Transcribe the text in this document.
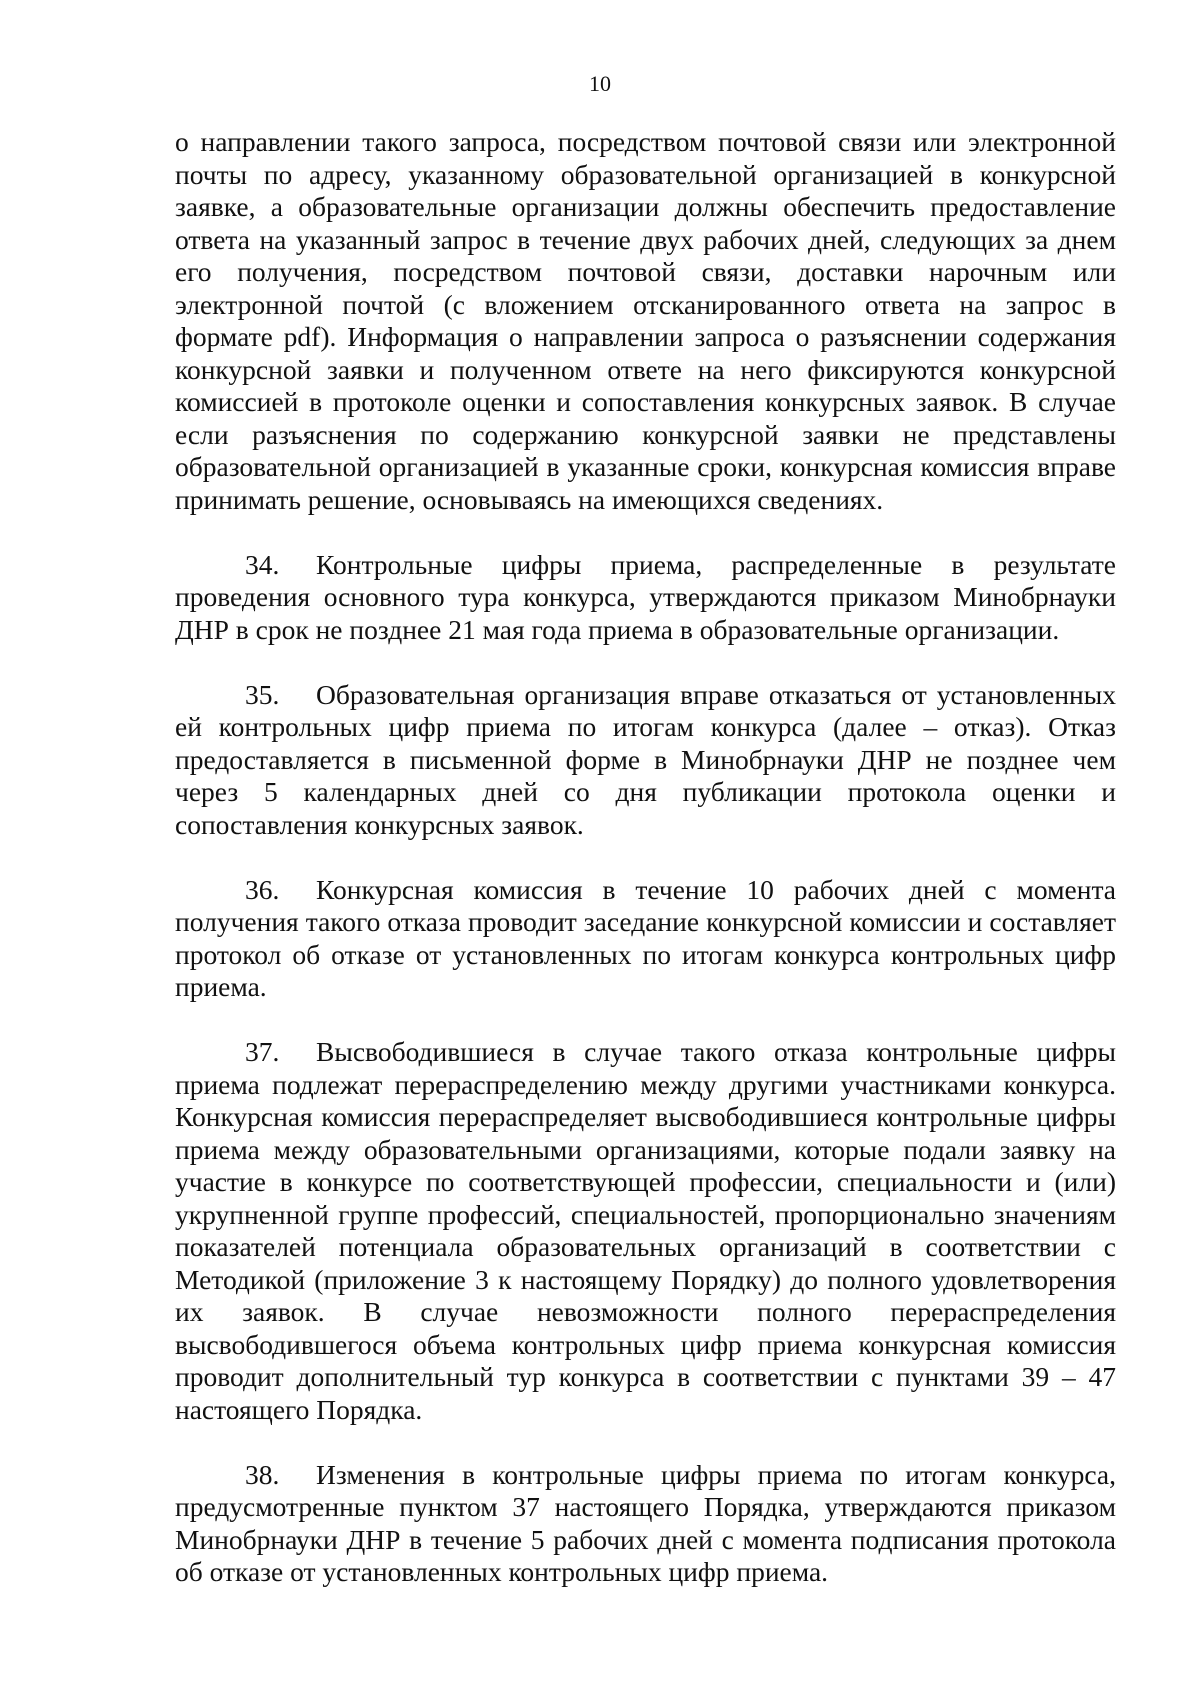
10

о направлении такого запроса, посредством почтовой связи или электронной почты по адресу, указанному образовательной организацией в конкурсной заявке, а образовательные организации должны обеспечить предоставление ответа на указанный запрос в течение двух рабочих дней, следующих за днем его получения, посредством почтовой связи, доставки нарочным или электронной почтой (с вложением отсканированного ответа на запрос в формате pdf). Информация о направлении запроса о разъяснении содержания конкурсной заявки и полученном ответе на него фиксируются конкурсной комиссией в протоколе оценки и сопоставления конкурсных заявок. В случае если разъяснения по содержанию конкурсной заявки не представлены образовательной организацией в указанные сроки, конкурсная комиссия вправе принимать решение, основываясь на имеющихся сведениях.

34. Контрольные цифры приема, распределенные в результате проведения основного тура конкурса, утверждаются приказом Минобрнауки ДНР в срок не позднее 21 мая года приема в образовательные организации.

35. Образовательная организация вправе отказаться от установленных ей контрольных цифр приема по итогам конкурса (далее – отказ). Отказ предоставляется в письменной форме в Минобрнауки ДНР не позднее чем через 5 календарных дней со дня публикации протокола оценки и сопоставления конкурсных заявок.

36. Конкурсная комиссия в течение 10 рабочих дней с момента получения такого отказа проводит заседание конкурсной комиссии и составляет протокол об отказе от установленных по итогам конкурса контрольных цифр приема.

37. Высвободившиеся в случае такого отказа контрольные цифры приема подлежат перераспределению между другими участниками конкурса. Конкурсная комиссия перераспределяет высвободившиеся контрольные цифры приема между образовательными организациями, которые подали заявку на участие в конкурсе по соответствующей профессии, специальности и (или) укрупненной группе профессий, специальностей, пропорционально значениям показателей потенциала образовательных организаций в соответствии с Методикой (приложение 3 к настоящему Порядку) до полного удовлетворения их заявок. В случае невозможности полного перераспределения высвободившегося объема контрольных цифр приема конкурсная комиссия проводит дополнительный тур конкурса в соответствии с пунктами 39 – 47 настоящего Порядка.

38. Изменения в контрольные цифры приема по итогам конкурса, предусмотренные пунктом 37 настоящего Порядка, утверждаются приказом Минобрнауки ДНР в течение 5 рабочих дней с момента подписания протокола об отказе от установленных контрольных цифр приема.
